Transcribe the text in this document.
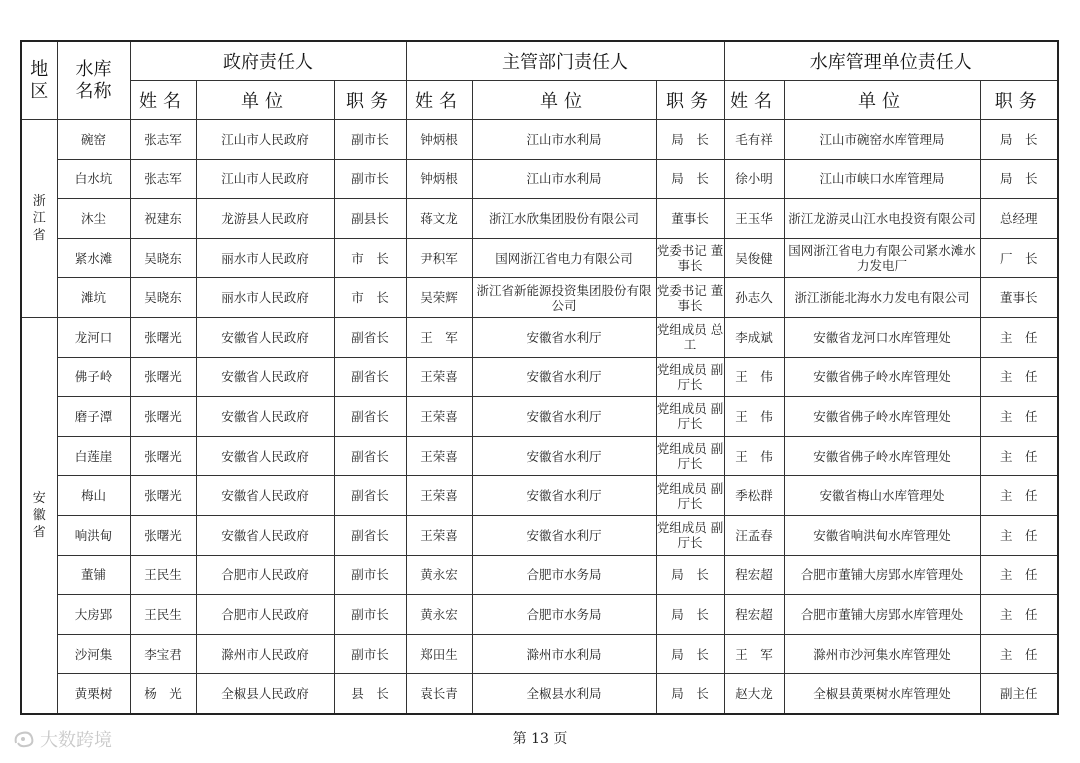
地区	水库名称	政府责任人			主管部门责任人			水库管理单位责任人		
		姓名	单位	职务	姓名	单位	职务	姓名	单位	职务

浙江省	碗窑	张志军	江山市人民政府	副市长	钟炳根	江山市水利局	局　长	毛有祥	江山市碗窑水库管理局	局　长
	白水坑	张志军	江山市人民政府	副市长	钟炳根	江山市水利局	局　长	徐小明	江山市峡口水库管理局	局　长
	沐尘	祝建东	龙游县人民政府	副县长	蒋文龙	浙江水欣集团股份有限公司	董事长	王玉华	浙江龙游灵山江水电投资有限公司	总经理
	紧水滩	吴晓东	丽水市人民政府	市　长	尹积军	国网浙江省电力有限公司	党委书记 董事长	吴俊健	国网浙江省电力有限公司紧水滩水力发电厂	厂　长
	滩坑	吴晓东	丽水市人民政府	市　长	吴荣辉	浙江省新能源投资集团股份有限公司	党委书记 董事长	孙志久	浙江浙能北海水力发电有限公司	董事长

安徽省	龙河口	张曙光	安徽省人民政府	副省长	王　军	安徽省水利厅	党组成员 总工	李成斌	安徽省龙河口水库管理处	主　任
	佛子岭	张曙光	安徽省人民政府	副省长	王荣喜	安徽省水利厅	党组成员 副厅长	王　伟	安徽省佛子岭水库管理处	主　任
	磨子潭	张曙光	安徽省人民政府	副省长	王荣喜	安徽省水利厅	党组成员 副厅长	王　伟	安徽省佛子岭水库管理处	主　任
	白莲崖	张曙光	安徽省人民政府	副省长	王荣喜	安徽省水利厅	党组成员 副厅长	王　伟	安徽省佛子岭水库管理处	主　任
	梅山	张曙光	安徽省人民政府	副省长	王荣喜	安徽省水利厅	党组成员 副厅长	季松群	安徽省梅山水库管理处	主　任
	响洪甸	张曙光	安徽省人民政府	副省长	王荣喜	安徽省水利厅	党组成员 副厅长	汪孟春	安徽省响洪甸水库管理处	主　任
	董铺	王民生	合肥市人民政府	副市长	黄永宏	合肥市水务局	局　长	程宏超	合肥市董铺大房郢水库管理处	主　任
	大房郢	王民生	合肥市人民政府	副市长	黄永宏	合肥市水务局	局　长	程宏超	合肥市董铺大房郢水库管理处	主　任
	沙河集	李宝君	滁州市人民政府	副市长	郑田生	滁州市水利局	局　长	王　军	滁州市沙河集水库管理处	主　任
	黄栗树	杨　光	全椒县人民政府	县　长	袁长青	全椒县水利局	局　长	赵大龙	全椒县黄栗树水库管理处	副主任
大数跨境	第 13 页
